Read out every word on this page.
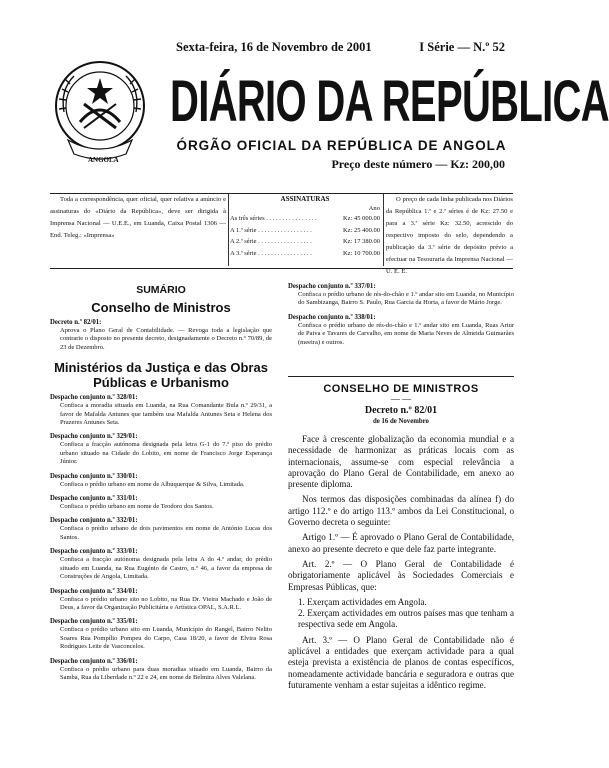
ANGOLA
Sexta-feira, 16 de Novembro de 2001	I Série — N.º 52
DIÁRIO DA REPÚBLICA
ÓRGÃO OFICIAL DA REPÚBLICA DE ANGOLA
Preço deste número — Kz: 200,00
Toda a correspondência, quer oficial, quer relativa a anúncio e assinaturas do «Diário da República», deve ser dirigida à Imprensa Nacional — U.E.E., em Luanda, Caixa Postal 1306 — End. Teleg.: «Imprensa»
ASSINATURAS
Ano
As três séries . . . . . . . . . . . . . . . .	Kz: 45 000.00
A 1.ª série . . . . . . . . . . . . . . . . .	Kz: 25 400.00
A 2.ª série . . . . . . . . . . . . . . . . .	Kz: 17 380.00
A 3.ª série . . . . . . . . . . . . . . . . .	Kz: 10 700.00
O preço de cada linha publicada nos Diários da República 1.ª e 2.ª séries é de Kz: 27.50 e para a 3.ª série Kz: 32.50, acrescido do respectivo imposto do selo, dependendo a publicação da 3.ª série de depósito prévio a efectuar na Tesouraria da Imprensa Nacional — U. E. E.
SUMÁRIO
Conselho de Ministros
Decreto n.º 82/01:
Aprova o Plano Geral de Contabilidade. — Revoga toda a legislação que contrarie o disposto no presente decreto, designadamente o Decreto n.º 70/89, de 23 de Dezembro.
Ministérios da Justiça e das Obras Públicas e Urbanismo
Despacho conjunto n.º 328/01:
Confisca a moradia situada em Luanda, na Rua Comandante Bula n.º 29/31, a favor de Mafalda Antunes que também usa Mafalda Antunes Seta e Helena dos Prazeres Antunes Seta.
Despacho conjunto n.º 329/01:
Confisca a fracção autónoma designada pela letra G-1 do 7.º piso do prédio urbano situado na Cidade do Lobito, em nome de Francisco Jorge Esperança Júnior.
Despacho conjunto n.º 330/01:
Confisca o prédio urbano em nome de Albuquerque & Silva, Limitada.
Despacho conjunto n.º 331/01:
Confisca o prédio urbano em nome de Teodoro dos Santos.
Despacho conjunto n.º 332/01:
Confisca o prédio urbano de dois pavimentos em nome de António Lucas dos Santos.
Despacho conjunto n.º 333/01:
Confisca a fracção autónoma designada pela letra A do 4.º andar, do prédio situado em Luanda, na Rua Eugénio de Castro, n.º 46, a favor da empresa de Construções de Angola, Limitada.
Despacho conjunto n.º 334/01:
Confisca o prédio urbano sito no Lobito, na Rua Dr. Vieira Machado e João de Deus, a favor da Organização Publicitária e Artística OPAL, S.A.R.L.
Despacho conjunto n.º 335/01:
Confisca o prédio urbano sito em Luanda, Município do Rangel, Bairro Nelito Soares Rua Pompílio Pompeu do Carpo, Casa 18/20, a favor de Elvira Rosa Rodrigues Leite de Vasconcelos.
Despacho conjunto n.º 336/01:
Confisca o prédio urbano para duas moradias situado em Luanda, Bairro da Samba, Rua da Liberdade n.º 22 e 24, em nome de Belmira Alves Valelana.
Despacho conjunto n.º 337/01:
Confisca o prédio urbano de rés-do-chão e 1.º andar sito em Luanda, no Município do Sambizanga, Bairro S. Paulo, Rua Garcia da Horta, a favor de Mário Jorge.
Despacho conjunto n.º 338/01:
Confisca o prédio urbano de rés-do-chão e 1.º andar sito em Luanda, Ruas Artur de Paiva e Tavares de Carvalho, em nome de Maria Neves de Almeida Guimarães (meeira) e outros.
CONSELHO DE MINISTROS
— —
Decreto n.º 82/01
de 16 de Novembro

Face à crescente globalização da economia mundial e a necessidade de harmonizar as práticas locais com as internacionais, assume-se com especial relevância a aprovação do Plano Geral de Contabilidade, em anexo ao presente diploma.

Nos termos das disposições combinadas da alínea f) do artigo 112.º e do artigo 113.º ambos da Lei Constitucional, o Governo decreta o seguinte:

Artigo 1.º — É aprovado o Plano Geral de Contabilidade, anexo ao presente decreto e que dele faz parte integrante.

Art. 2.º — O Plano Geral de Contabilidade é obrigatoriamente aplicável às Sociedades Comerciais e Empresas Públicas, que:

1. Exerçam actividades em Angola.

2. Exerçam actividades em outros países mas que tenham a respectiva sede em Angola.

Art. 3.º — O Plano Geral de Contabilidade não é aplicável a entidades que exerçam actividade para a qual esteja prevista a existência de planos de contas específicos, nomeadamente actividade bancária e seguradora e outras que futuramente venham a estar sujeitas a idêntico regime.
